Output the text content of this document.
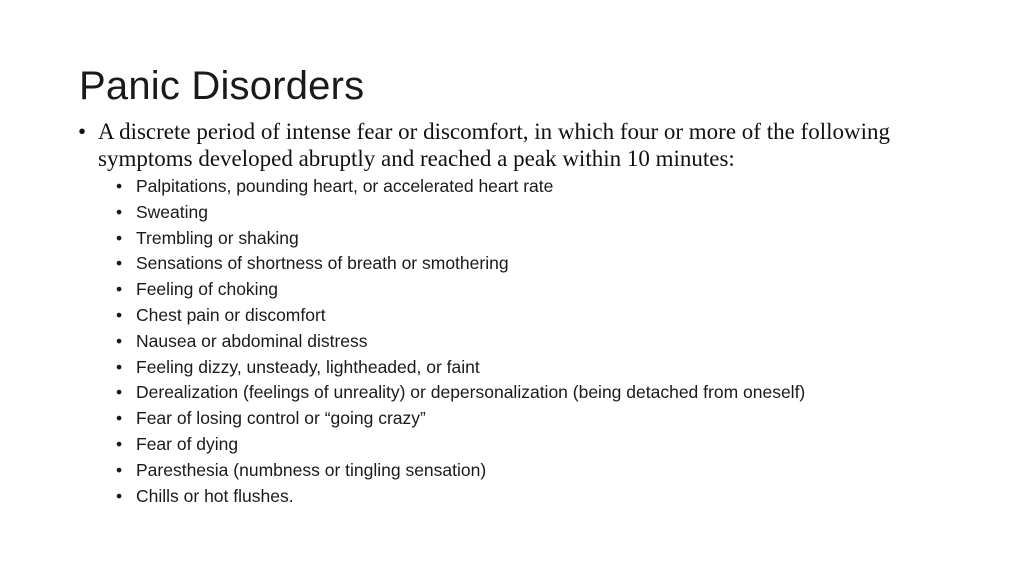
Panic Disorders
• A discrete period of intense fear or discomfort, in which four or more of the following symptoms developed abruptly and reached a peak within 10 minutes:
• Palpitations, pounding heart, or accelerated heart rate
• Sweating
• Trembling or shaking
• Sensations of shortness of breath or smothering
• Feeling of choking
• Chest pain or discomfort
• Nausea or abdominal distress
• Feeling dizzy, unsteady, lightheaded, or faint
• Derealization (feelings of unreality) or depersonalization (being detached from oneself)
• Fear of losing control or “going crazy”
• Fear of dying
• Paresthesia (numbness or tingling sensation)
• Chills or hot flushes.
